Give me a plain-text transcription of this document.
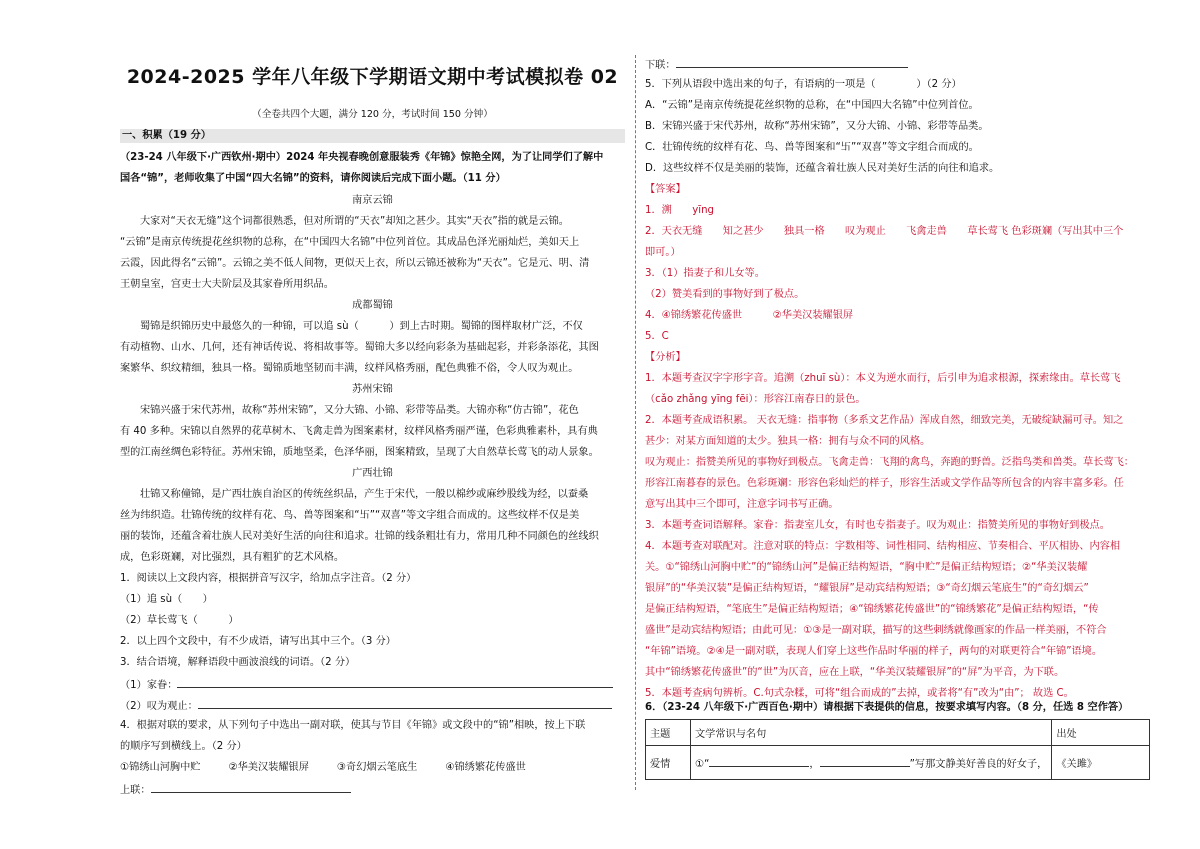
2024-2025 学年八年级下学期语文期中考试模拟卷 02
（全卷共四个大题，满分 120 分，考试时间 150 分钟）
一、积累（19 分）
（23-24 八年级下·广西钦州·期中）2024 年央视春晚创意服装秀《年锦》惊艳全网，为了让同学们了解中
国各“锦”，老师收集了中国“四大名锦”的资料，请你阅读后完成下面小题。（11 分）
南京云锦
大家对“天衣无缝”这个词都很熟悉，但对所谓的“天衣”却知之甚少。其实“天衣”指的就是云锦。
“云锦”是南京传统提花丝织物的总称，在“中国四大名锦”中位列首位。其成品色泽光丽灿烂，美如天上
云霞，因此得名“云锦”。云锦之美不低人间物，更似天上衣，所以云锦还被称为“天衣”。它是元、明、清
王朝皇室，宫吏士大夫阶层及其家眷所用织品。
成都蜀锦
蜀锦是织锦历史中最悠久的一种锦，可以追 sù（　　　）到上古时期。蜀锦的图样取材广泛，不仅
有动植物、山水、几何，还有神话传说、将相故事等。蜀锦大多以经向彩条为基础起彩，并彩条添花，其图
案繁华、织纹精细，独具一格。蜀锦质地坚韧而丰满，纹样风格秀丽，配色典雅不俗，令人叹为观止。
苏州宋锦
宋锦兴盛于宋代苏州，故称“苏州宋锦”，又分大锦、小锦、彩带等品类。大锦亦称“仿古锦”，花色
有 40 多种。宋锦以自然界的花草树木、飞禽走兽为图案素材，纹样风格秀丽严谨，色彩典雅素朴，具有典
型的江南丝绸色彩特征。苏州宋锦，质地坚柔，色泽华丽，图案精致，呈现了大自然草长莺飞的动人景象。
广西壮锦
壮锦又称僮锦，是广西壮族自治区的传统丝织品，产生于宋代，一般以棉纱或麻纱股线为经，以蚕桑
丝为纬织造。壮锦传统的纹样有花、鸟、兽等图案和“卐”“双喜”等文字组合而成的。这些纹样不仅是美
丽的装饰，还蕴含着壮族人民对美好生活的向往和追求。壮锦的线条粗壮有力，常用几种不同颜色的丝线织
成，色彩斑斓，对比强烈，具有粗犷的艺术风格。
1．阅读以上文段内容，根据拼音写汉字，给加点字注音。（2 分）
（1）追 sù（　　）
（2）草长莺飞（　　　）
2．以上四个文段中，有不少成语，请写出其中三个。（3 分）
3．结合语境，解释语段中画波浪线的词语。（2 分）
（1）家眷：
（2）叹为观止：
4．根据对联的要求，从下列句子中选出一副对联，使其与节目《年锦》或文段中的“锦”相映，按上下联
的顺序写到横线上。（2 分）
①锦绣山河胸中贮	②华美汉装耀银屏	③奇幻烟云笔底生	④锦绣繁花传盛世
上联：
下联：
5．下列从语段中选出来的句子，有语病的一项是（　　　　）（2 分）
A．“云锦”是南京传统提花丝织物的总称，在“中国四大名锦”中位列首位。
B．宋锦兴盛于宋代苏州，故称“苏州宋锦”，又分大锦、小锦、彩带等品类。
C．壮锦传统的纹样有花、鸟、兽等图案和“卐”“双喜”等文字组合而成的。
D．这些纹样不仅是美丽的装饰，还蕴含着壮族人民对美好生活的向往和追求。
【答案】
1．溯　　yīng
2．天衣无缝　　知之甚少　　独具一格　　叹为观止　　飞禽走兽　　草长莺飞 色彩斑斓（写出其中三个
即可。）
3．（1）指妻子和儿女等。
（2）赞美看到的事物好到了极点。
4．④锦绣繁花传盛世　　　②华美汉装耀银屏
5．C
【分析】
1．本题考查汉字字形字音。追溯（zhuī sù）：本义为逆水而行，后引申为追求根源，探索缘由。草长莺飞
（cǎo zhǎng yīng fēi）：形容江南春日的景色。
2．本题考查成语积累。 天衣无缝：指事物（多系文艺作品）浑成自然，细致完美，无破绽缺漏可寻。知之
甚少：对某方面知道的太少。独具一格：拥有与众不同的风格。
叹为观止：指赞美所见的事物好到极点。飞禽走兽：飞翔的禽鸟，奔跑的野兽。泛指鸟类和兽类。草长莺飞：
形容江南暮春的景色。色彩斑斓：形容色彩灿烂的样子，形容生活或文学作品等所包含的内容丰富多彩。任
意写出其中三个即可，注意字词书写正确。
3．本题考查词语解释。家眷：指妻室儿女，有时也专指妻子。叹为观止：指赞美所见的事物好到极点。
4．本题考查对联配对。注意对联的特点：字数相等、词性相同、结构相应、节奏相合、平仄相协、内容相
关。①“锦绣山河胸中贮”的“锦绣山河”是偏正结构短语，“胸中贮”是偏正结构短语；②“华美汉装耀
银屏”的“华美汉装”是偏正结构短语，“耀银屏”是动宾结构短语；③“奇幻烟云笔底生”的“奇幻烟云”
是偏正结构短语，“笔底生”是偏正结构短语；④“锦绣繁花传盛世”的“锦绣繁花”是偏正结构短语，“传
盛世”是动宾结构短语；由此可见：①③是一副对联，描写的这些刺绣就像画家的作品一样美丽，不符合
“年锦”语境。②④是一副对联，表现人们穿上这些作品时华丽的样子，两句的对联更符合“年锦”语境。
其中“锦绣繁花传盛世”的“世”为仄音，应在上联，“华美汉装耀银屏”的“屏”为平音，为下联。
5．本题考查病句辨析。C.句式杂糅，可将“组合而成的”去掉，或者将“有”改为“由”； 故选 C。
6．（23-24 八年级下·广西百色·期中）请根据下表提供的信息，按要求填写内容。（8 分，任选 8 空作答）
主题	文学常识与名句	出处
爱情	①“ ， ”写那文静美好善良的好女子，	《关雎》
